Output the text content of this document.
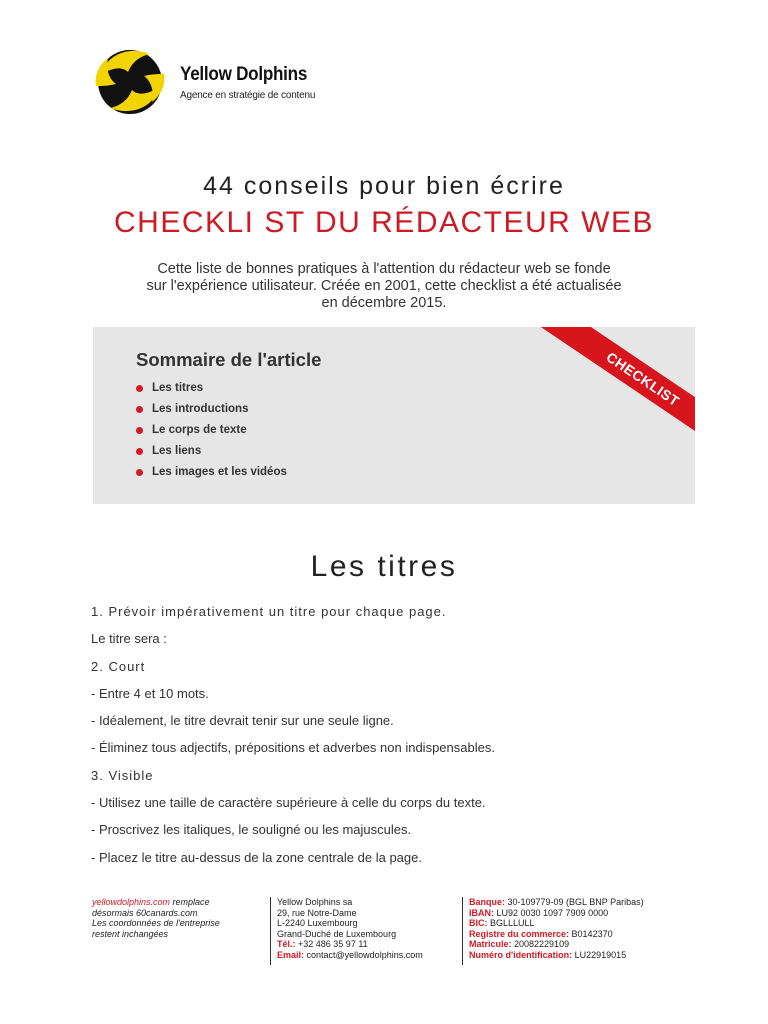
Yellow Dolphins
Agence en stratégie de contenu
44 conseils pour bien écrire
CHECKLI ST DU RÉDACTEUR WEB

Cette liste de bonnes pratiques à l'attention du rédacteur web se fonde

sur l'expérience utilisateur. Créée en 2001, cette checklist a été actualisée

en décembre 2015.

Sommaire de l'article
Les titres
Les introductions
Le corps de texte
Les liens
Les images et les vidéos
CHECKLIST
Les titres
1. Prévoir impérativement un titre pour chaque page.
Le titre sera :
2. Court
- Entre 4 et 10 mots.
- Idéalement, le titre devrait tenir sur une seule ligne.
- Éliminez tous adjectifs, prépositions et adverbes non indispensables.
3. Visible
- Utilisez une taille de caractère supérieure à celle du corps du texte.
- Proscrivez les italiques, le souligné ou les majuscules.
- Placez le titre au-dessus de la zone centrale de la page.
yellowdolphins.com remplace
désormais 60canards.com
Les coordonnées de l'entreprise
restent inchangées
Yellow Dolphins sa
29, rue Notre-Dame
L-2240 Luxembourg
Grand-Duché de Luxembourg
Tél.: +32 486 35 97 11
Email: contact@yellowdolphins.com
Banque: 30-109779-09 (BGL BNP Paribas)
IBAN: LU92 0030 1097 7909 0000
BIC: BGLLLULL
Registre du commerce: B0142370
Matricule: 20082229109
Numéro d'identification: LU22919015
